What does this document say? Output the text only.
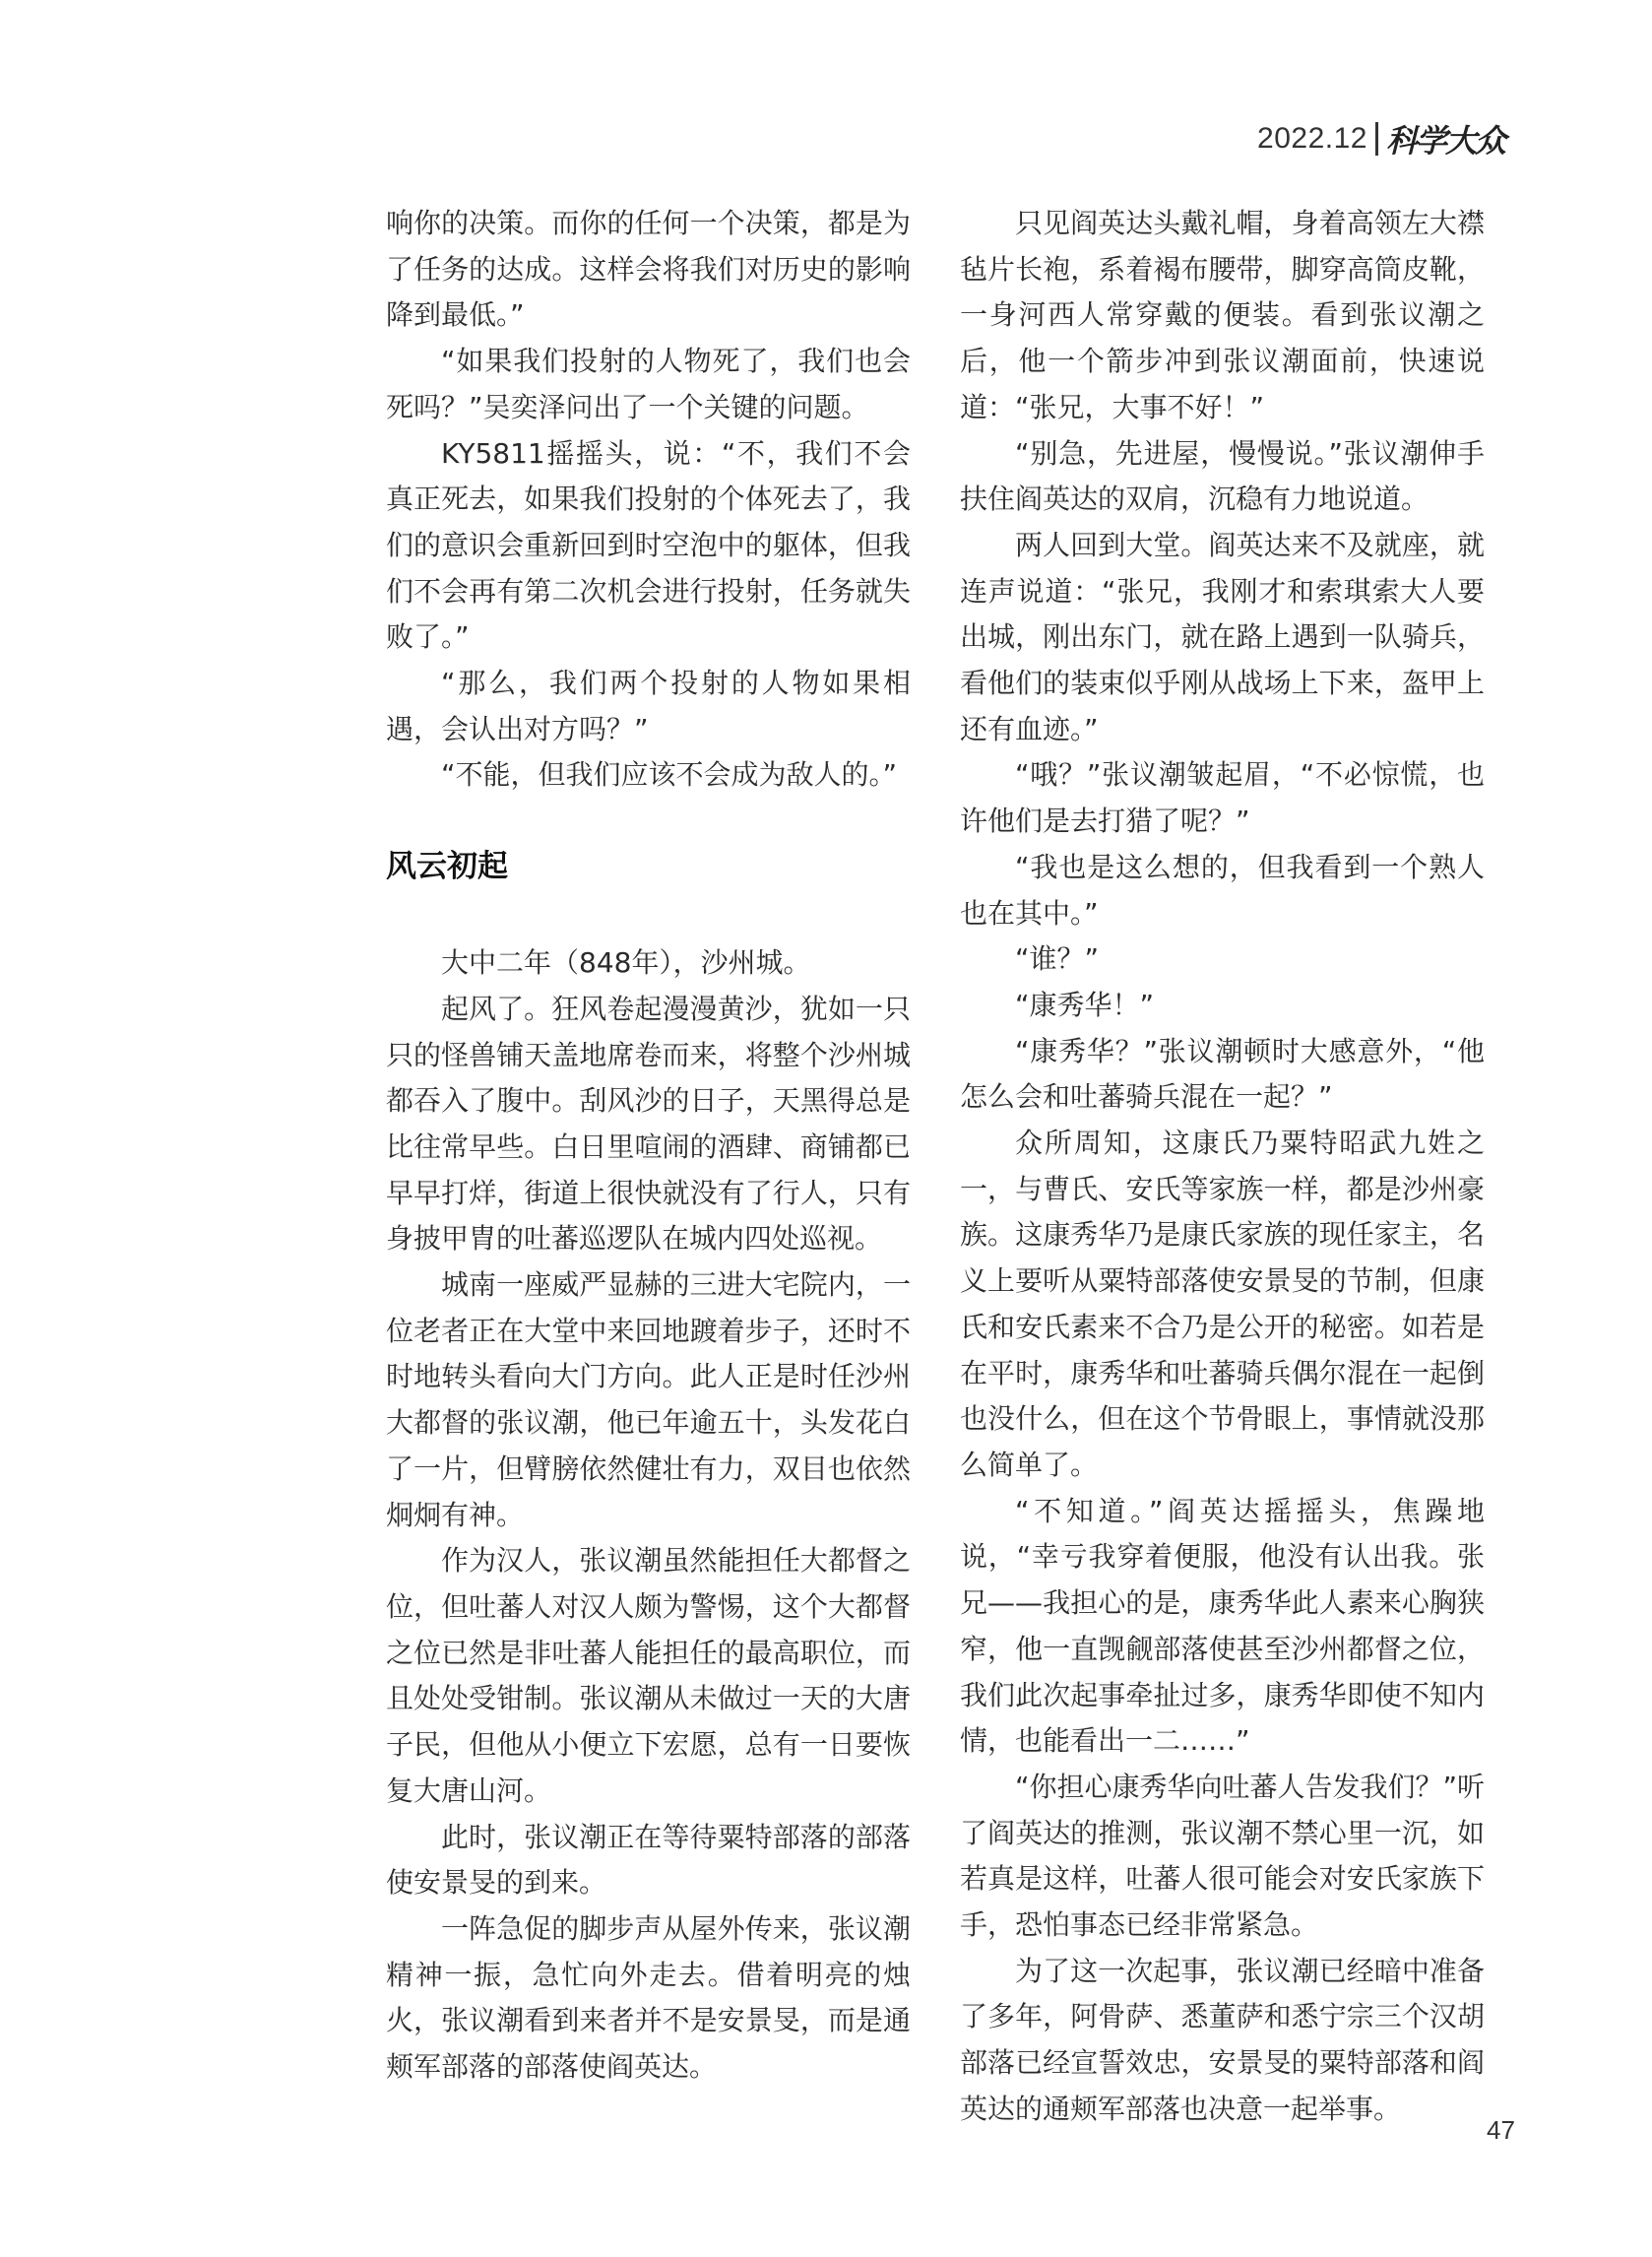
2022.12 科学大众

响你的决策。而你的任何一个决策，都是为了任务的达成。这样会将我们对历史的影响降到最低。”

“如果我们投射的人物死了，我们也会死吗？”吴奕泽问出了一个关键的问题。

KY5811摇摇头，说：“不，我们不会真正死去，如果我们投射的个体死去了，我们的意识会重新回到时空泡中的躯体，但我们不会再有第二次机会进行投射，任务就失败了。”

“那么，我们两个投射的人物如果相遇，会认出对方吗？”

“不能，但我们应该不会成为敌人的。”

风云初起

大中二年（848年），沙州城。

起风了。狂风卷起漫漫黄沙，犹如一只只的怪兽铺天盖地席卷而来，将整个沙州城都吞入了腹中。刮风沙的日子，天黑得总是比往常早些。白日里喧闹的酒肆、商铺都已早早打烊，街道上很快就没有了行人，只有身披甲胄的吐蕃巡逻队在城内四处巡视。

城南一座威严显赫的三进大宅院内，一位老者正在大堂中来回地踱着步子，还时不时地转头看向大门方向。此人正是时任沙州大都督的张议潮，他已年逾五十，头发花白了一片，但臂膀依然健壮有力，双目也依然炯炯有神。

作为汉人，张议潮虽然能担任大都督之位，但吐蕃人对汉人颇为警惕，这个大都督之位已然是非吐蕃人能担任的最高职位，而且处处受钳制。张议潮从未做过一天的大唐子民，但他从小便立下宏愿，总有一日要恢复大唐山河。

此时，张议潮正在等待粟特部落的部落使安景旻的到来。

一阵急促的脚步声从屋外传来，张议潮精神一振，急忙向外走去。借着明亮的烛火，张议潮看到来者并不是安景旻，而是通颊军部落的部落使阎英达。

只见阎英达头戴礼帽，身着高领左大襟毡片长袍，系着褐布腰带，脚穿高筒皮靴，一身河西人常穿戴的便装。看到张议潮之后，他一个箭步冲到张议潮面前，快速说道：“张兄，大事不好！”

“别急，先进屋，慢慢说。”张议潮伸手扶住阎英达的双肩，沉稳有力地说道。

两人回到大堂。阎英达来不及就座，就连声说道：“张兄，我刚才和索琪索大人要出城，刚出东门，就在路上遇到一队骑兵，看他们的装束似乎刚从战场上下来，盔甲上还有血迹。”

“哦？”张议潮皱起眉，“不必惊慌，也许他们是去打猎了呢？”

“我也是这么想的，但我看到一个熟人也在其中。”

“谁？”

“康秀华！”

“康秀华？”张议潮顿时大感意外，“他怎么会和吐蕃骑兵混在一起？”

众所周知，这康氏乃粟特昭武九姓之一，与曹氏、安氏等家族一样，都是沙州豪族。这康秀华乃是康氏家族的现任家主，名义上要听从粟特部落使安景旻的节制，但康氏和安氏素来不合乃是公开的秘密。如若是在平时，康秀华和吐蕃骑兵偶尔混在一起倒也没什么，但在这个节骨眼上，事情就没那么简单了。

“不知道。”阎英达摇摇头，焦躁地说，“幸亏我穿着便服，他没有认出我。张兄——我担心的是，康秀华此人素来心胸狭窄，他一直觊觎部落使甚至沙州都督之位，我们此次起事牵扯过多，康秀华即使不知内情，也能看出一二……”

“你担心康秀华向吐蕃人告发我们？”听了阎英达的推测，张议潮不禁心里一沉，如若真是这样，吐蕃人很可能会对安氏家族下手，恐怕事态已经非常紧急。

为了这一次起事，张议潮已经暗中准备了多年，阿骨萨、悉董萨和悉宁宗三个汉胡部落已经宣誓效忠，安景旻的粟特部落和阎英达的通颊军部落也决意一起举事。

47
